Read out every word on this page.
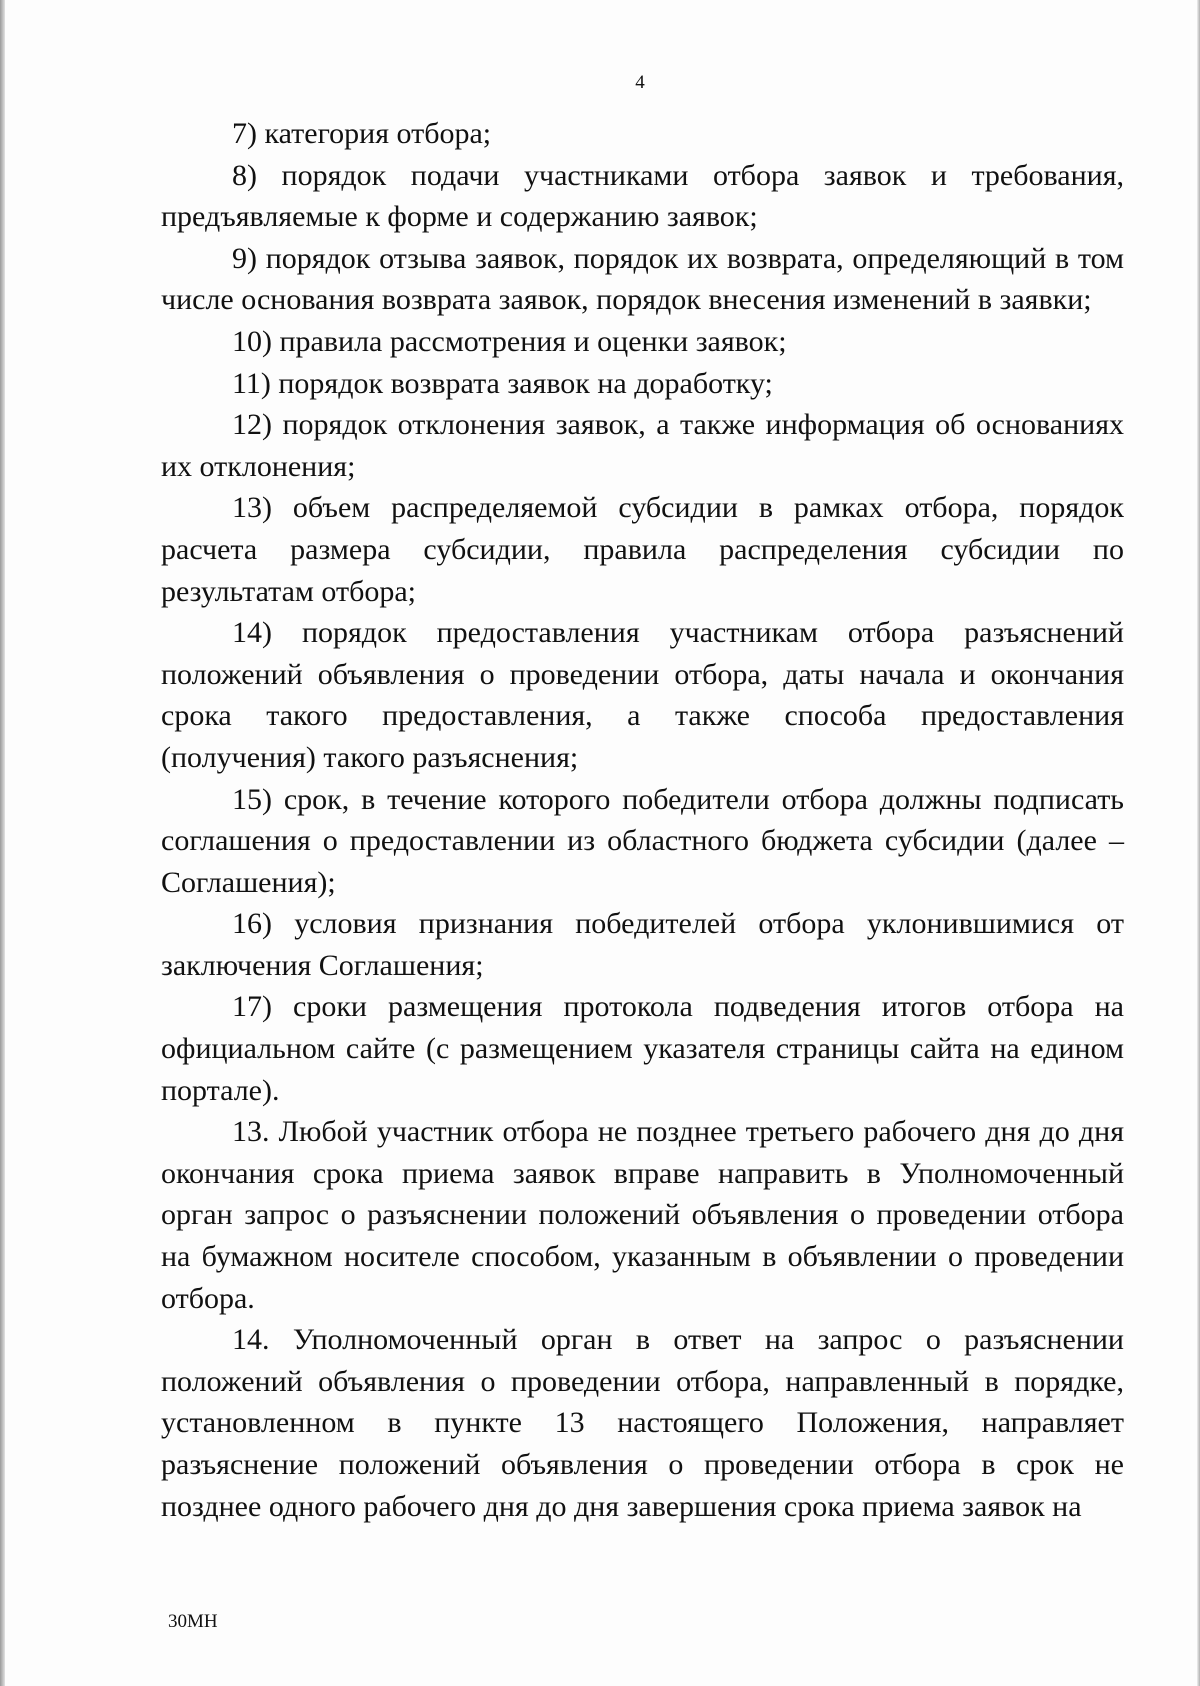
4

7) категория отбора;

8) порядок подачи участниками отбора заявок и требования, предъявляемые к форме и содержанию заявок;

9) порядок отзыва заявок, порядок их возврата, определяющий в том числе основания возврата заявок, порядок внесения изменений в заявки;

10) правила рассмотрения и оценки заявок;

11) порядок возврата заявок на доработку;

12) порядок отклонения заявок, а также информация об основаниях их отклонения;

13) объем распределяемой субсидии в рамках отбора, порядок расчета размера субсидии, правила распределения субсидии по результатам отбора;

14) порядок предоставления участникам отбора разъяснений положений объявления о проведении отбора, даты начала и окончания срока такого предоставления, а также способа предоставления (получения) такого разъяснения;

15) срок, в течение которого победители отбора должны подписать соглашения о предоставлении из областного бюджета субсидии (далее – Соглашения);

16) условия признания победителей отбора уклонившимися от заключения Соглашения;

17) сроки размещения протокола подведения итогов отбора на официальном сайте (с размещением указателя страницы сайта на едином портале).

13. Любой участник отбора не позднее третьего рабочего дня до дня окончания срока приема заявок вправе направить в Уполномоченный орган запрос о разъяснении положений объявления о проведении отбора на бумажном носителе способом, указанным в объявлении о проведении отбора.

14. Уполномоченный орган в ответ на запрос о разъяснении положений объявления о проведении отбора, направленный в порядке, установленном в пункте 13 настоящего Положения, направляет разъяснение положений объявления о проведении отбора в срок не позднее одного рабочего дня до дня завершения срока приема заявок на

30МН
